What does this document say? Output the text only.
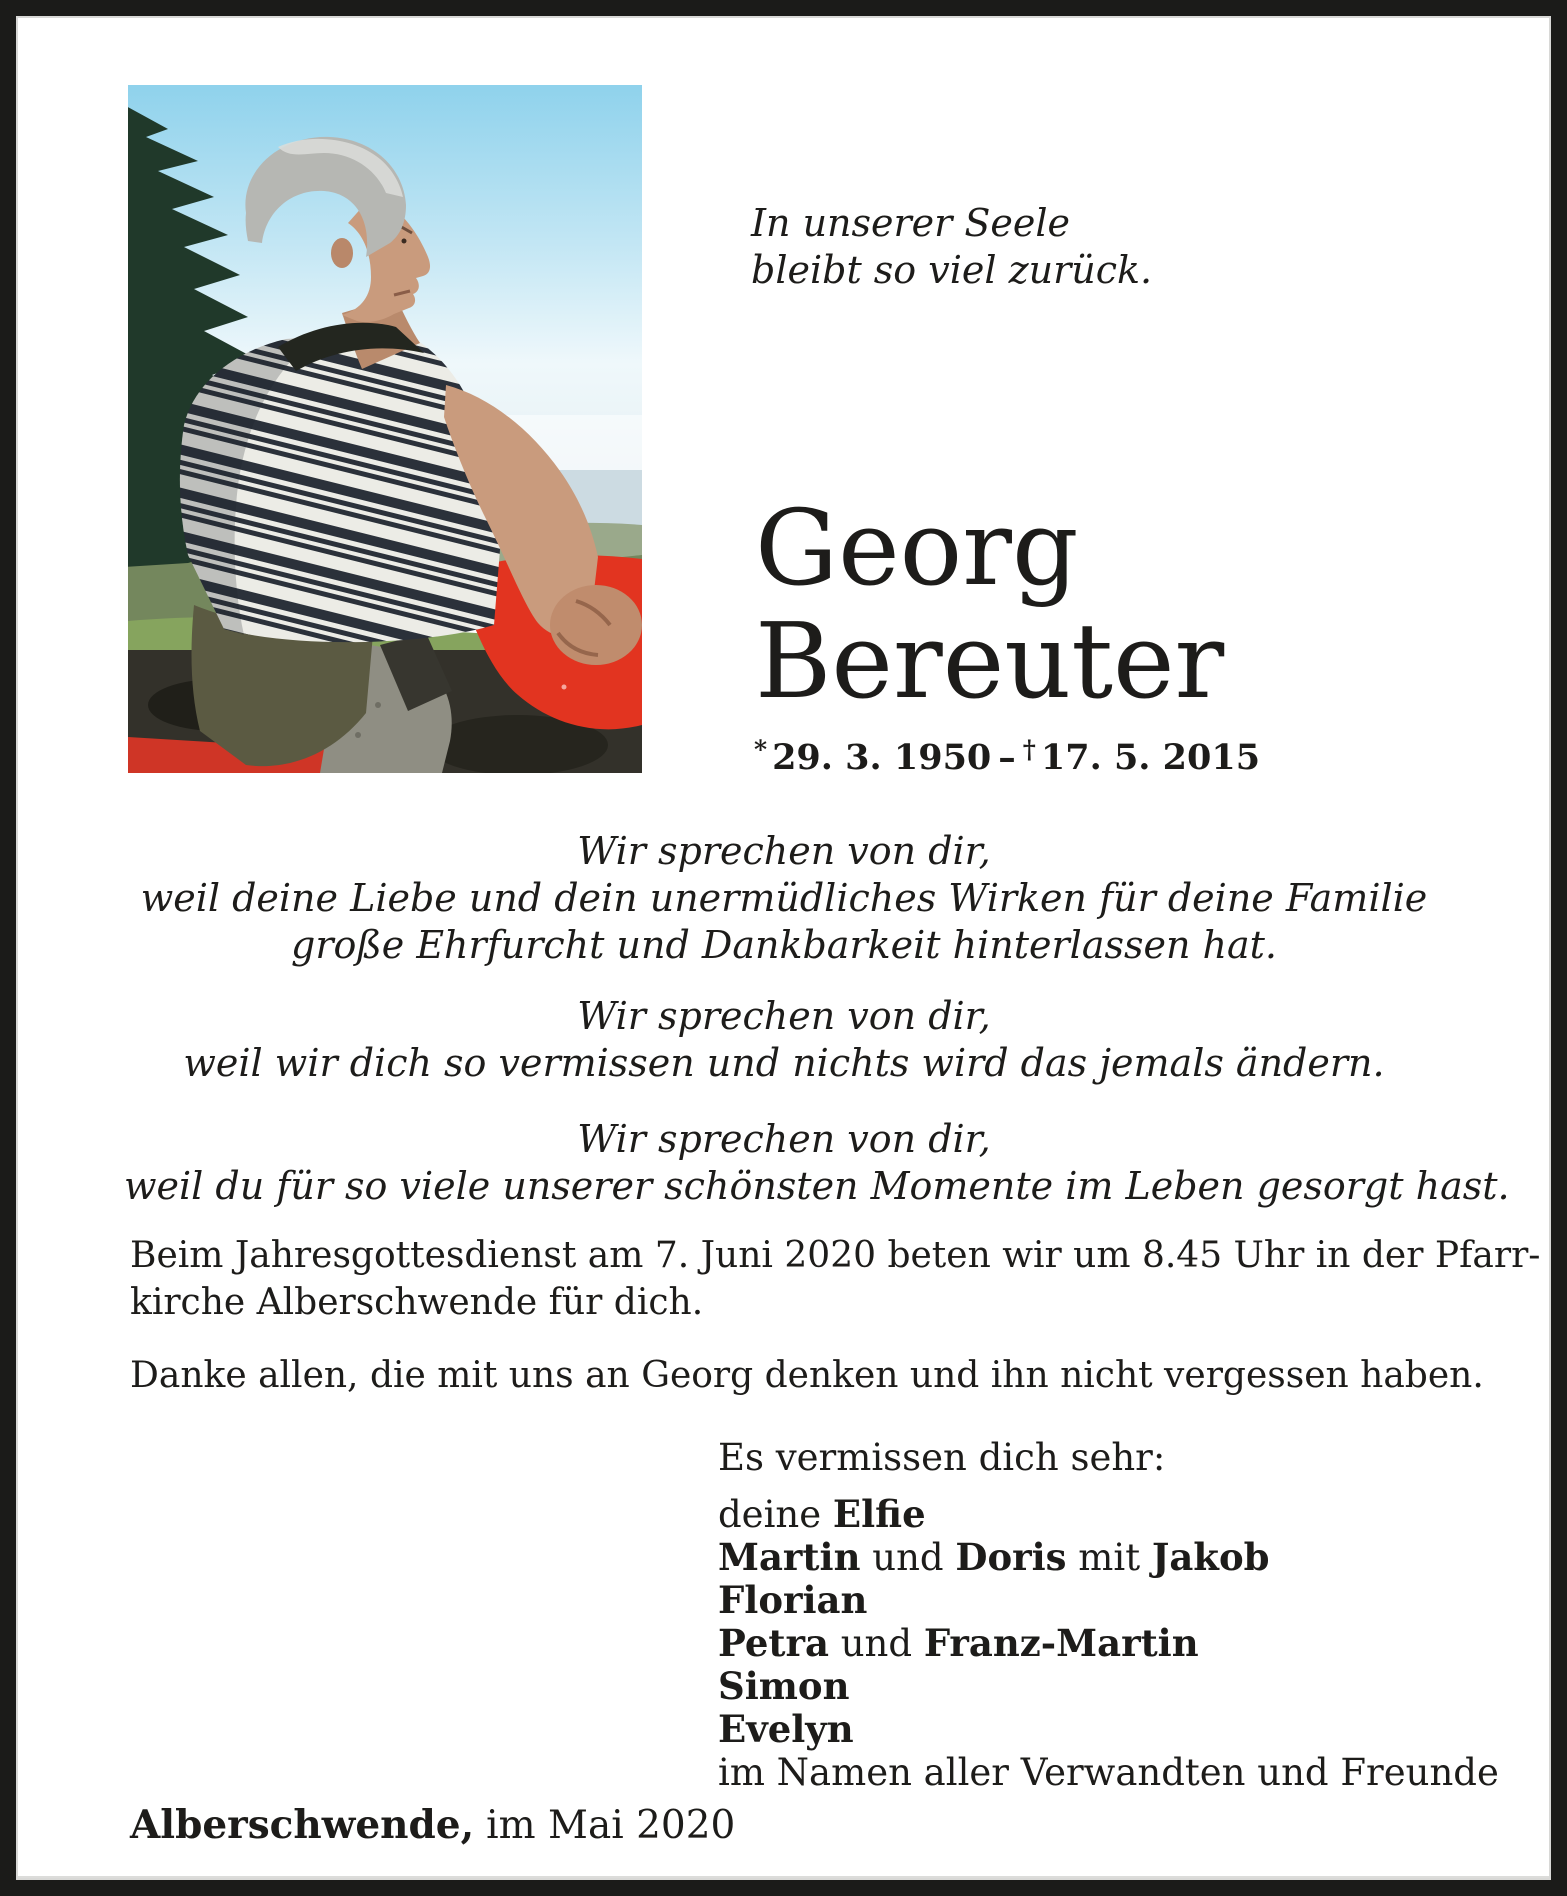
In unserer Seele
bleibt so viel zurück.
Georg
Bereuter
* 29. 3. 1950 – † 17. 5. 2015
Wir sprechen von dir,
weil deine Liebe und dein unermüdliches Wirken für deine Familie
große Ehrfurcht und Dankbarkeit hinterlassen hat.
Wir sprechen von dir,
weil wir dich so vermissen und nichts wird das jemals ändern.
Wir sprechen von dir,
weil du für so viele unserer schönsten Momente im Leben gesorgt hast.
Beim Jahresgottesdienst am 7. Juni 2020 beten wir um 8.45 Uhr in der Pfarr-
kirche Alberschwende für dich.
Danke allen, die mit uns an Georg denken und ihn nicht vergessen haben.
Es vermissen dich sehr:
deine Elfie
Martin und Doris mit Jakob
Florian
Petra und Franz-Martin
Simon
Evelyn
im Namen aller Verwandten und Freunde
Alberschwende, im Mai 2020
